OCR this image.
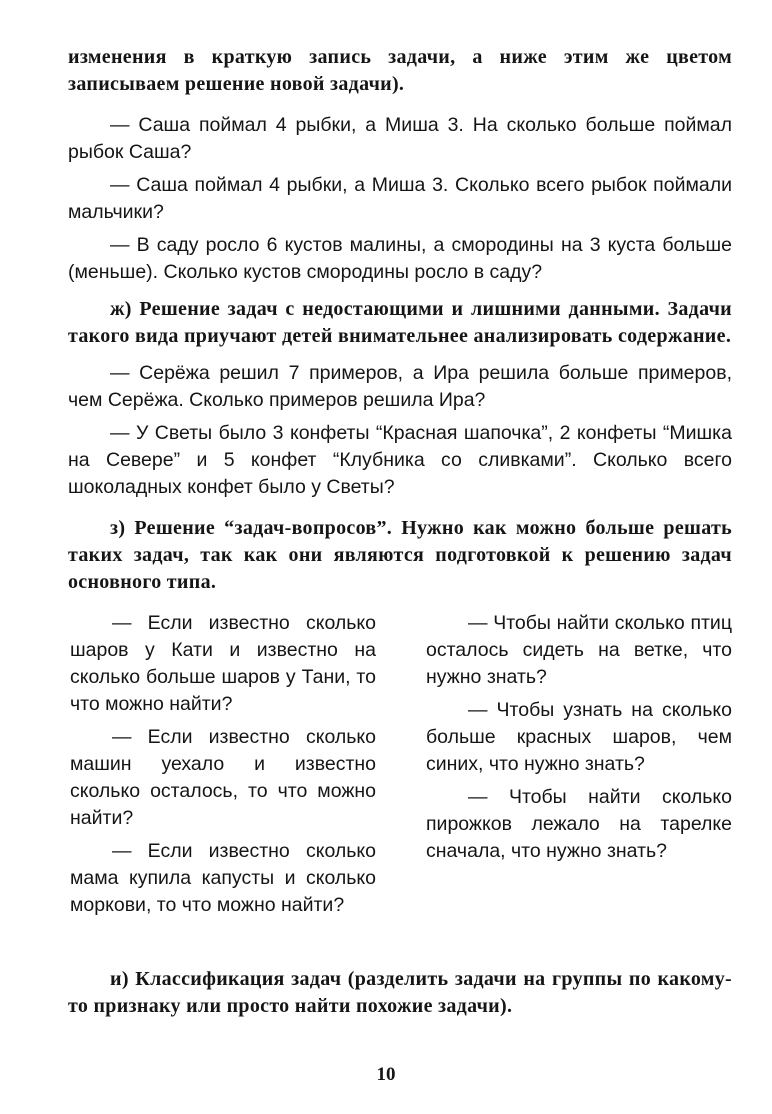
изменения в краткую запись задачи, а ниже этим же цветом записываем решение новой задачи).

— Саша поймал 4 рыбки, а Миша 3. На сколько больше поймал рыбок Саша?

— Саша поймал 4 рыбки, а Миша 3. Сколько всего рыбок поймали мальчики?

— В саду росло 6 кустов малины, а смородины на 3 куста больше (меньше). Сколько кустов смородины росло в саду?

ж) Решение задач с недостающими и лишними данными. Задачи такого вида приучают детей внимательнее анализировать содержание.

— Серёжа решил 7 примеров, а Ира решила больше примеров, чем Серёжа. Сколько примеров решила Ира?

— У Светы было 3 конфеты “Красная шапочка”, 2 конфеты “Мишка на Севере” и 5 конфет “Клубника со сливками”. Сколько всего шоколадных конфет было у Светы?

з) Решение “задач-вопросов”. Нужно как можно больше решать таких задач, так как они являются подготовкой к решению задач основного типа.

— Если известно сколько шаров у Кати и известно на сколько больше шаров у Тани, то что можно найти?

— Если известно сколько машин уехало и известно сколько осталось, то что можно найти?

— Если известно сколько мама купила капусты и сколько моркови, то что можно найти?

— Чтобы найти сколько птиц осталось сидеть на ветке, что нужно знать?

— Чтобы узнать на сколько больше красных шаров, чем синих, что нужно знать?

— Чтобы найти сколько пирожков лежало на тарелке сначала, что нужно знать?

и) Классификация задач (разделить задачи на группы по какому-то признаку или просто найти похожие задачи).

10
